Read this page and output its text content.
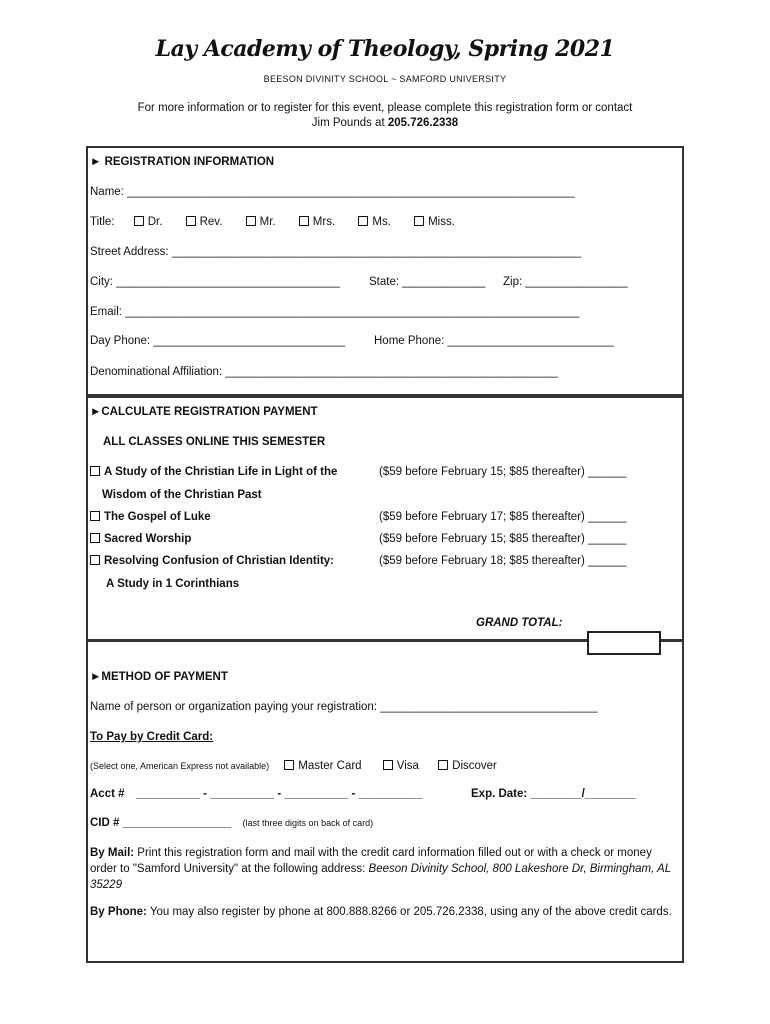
Lay Academy of Theology, Spring 2021
BEESON DIVINITY SCHOOL ~ SAMFORD UNIVERSITY
For more information or to register for this event, please complete this registration form or contact
Jim Pounds at 205.726.2338
► REGISTRATION INFORMATION
Name: ______________________________________________________________________
Title:	Dr.	Rev.	Mr.	Mrs.	Ms.	Miss.
Street Address: ________________________________________________________________
City: ___________________________________	State: _____________ Zip: ________________
Email: _______________________________________________________________________
Day Phone: ______________________________	Home Phone: __________________________
Denominational Affiliation: ____________________________________________________
►CALCULATE REGISTRATION PAYMENT
ALL CLASSES ONLINE THIS SEMESTER
A Study of the Christian Life in Light of the	($59 before February 15; $85 thereafter) ______
Wisdom of the Christian Past
The Gospel of Luke	($59 before February 17; $85 thereafter) ______
Sacred Worship	($59 before February 15; $85 thereafter) ______
Resolving Confusion of Christian Identity:	($59 before February 18; $85 thereafter) ______
A Study in 1 Corinthians
GRAND TOTAL:
►METHOD OF PAYMENT
Name of person or organization paying your registration: __________________________________
To Pay by Credit Card:
(Select one, American Express not available)	Master Card	Visa	Discover
Acct # __________ - __________ - __________ - __________	Exp. Date: ________/________
CID # _________________ (last three digits on back of card)
By Mail: Print this registration form and mail with the credit card information filled out or with a check or money order to "Samford University" at the following address: Beeson Divinity School, 800 Lakeshore Dr, Birmingham, AL 35229
By Phone: You may also register by phone at 800.888.8266 or 205.726.2338, using any of the above credit cards.
